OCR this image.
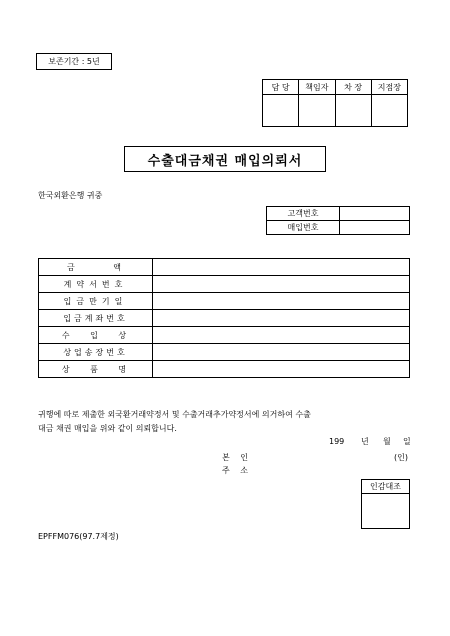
보존기간 : 5년
담 당	책임자	차 장	지점장

수출대금채권 매입의뢰서
한국외환은행 귀중
고객번호	
매입번호	
금 액	
계약서번호	
입금만기일	
입금계좌번호	
수 입 상	
상업송장번호	
상 품 명	
귀행에 따로 제출한 외국환거래약정서 및 수출거래추가약정서에 의거하여 수출
대금 채권 매입을 위와 같이 의뢰합니다.
199 년 월 일
본 인	(인)
주 소
인감대조

EPFFM076(97.7제정)
